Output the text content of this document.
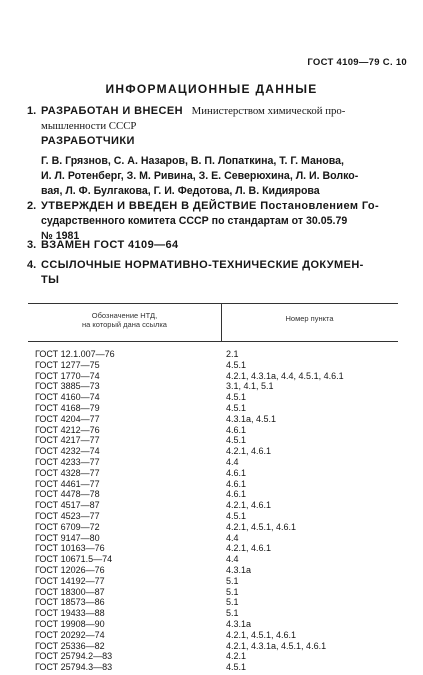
ГОСТ 4109—79 С. 10
ИНФОРМАЦИОННЫЕ ДАННЫЕ
1. РАЗРАБОТАН И ВНЕСЕН Министерством химической про-
мышленности СССР
РАЗРАБОТЧИКИ
Г. В. Грязнов, С. А. Назаров, В. П. Лопаткина, Т. Г. Манова,
И. Л. Ротенберг, З. М. Ривина, З. Е. Северюхина, Л. И. Волко-
вая, Л. Ф. Булгакова, Г. И. Федотова, Л. В. Кидиярова
2. УТВЕРЖДЕН И ВВЕДЕН В ДЕЙСТВИЕ Постановлением Го-
сударственного комитета СССР по стандартам от 30.05.79
№ 1981
3. ВЗАМЕН ГОСТ 4109—64
4. ССЫЛОЧНЫЕ НОРМАТИВНО-ТЕХНИЧЕСКИЕ ДОКУМЕН-
ТЫ
Обозначение НТД,
на который дана ссылка
Номер пункта
ГОСТ 12.1.007—76	2.1
ГОСТ 1277—75	4.5.1
ГОСТ 1770—74	4.2.1, 4.3.1а, 4.4, 4.5.1, 4.6.1
ГОСТ 3885—73	3.1, 4.1, 5.1
ГОСТ 4160—74	4.5.1
ГОСТ 4168—79	4.5.1
ГОСТ 4204—77	4.3.1а, 4.5.1
ГОСТ 4212—76	4.6.1
ГОСТ 4217—77	4.5.1
ГОСТ 4232—74	4.2.1, 4.6.1
ГОСТ 4233—77	4.4
ГОСТ 4328—77	4.6.1
ГОСТ 4461—77	4.6.1
ГОСТ 4478—78	4.6.1
ГОСТ 4517—87	4.2.1, 4.6.1
ГОСТ 4523—77	4.5.1
ГОСТ 6709—72	4.2.1, 4.5.1, 4.6.1
ГОСТ 9147—80	4.4
ГОСТ 10163—76	4.2.1, 4.6.1
ГОСТ 10671.5—74	4.4
ГОСТ 12026—76	4.3.1а
ГОСТ 14192—77	5.1
ГОСТ 18300—87	5.1
ГОСТ 18573—86	5.1
ГОСТ 19433—88	5.1
ГОСТ 19908—90	4.3.1а
ГОСТ 20292—74	4.2.1, 4.5.1, 4.6.1
ГОСТ 25336—82	4.2.1, 4.3.1а, 4.5.1, 4.6.1
ГОСТ 25794.2—83	4.2.1
ГОСТ 25794.3—83	4.5.1
